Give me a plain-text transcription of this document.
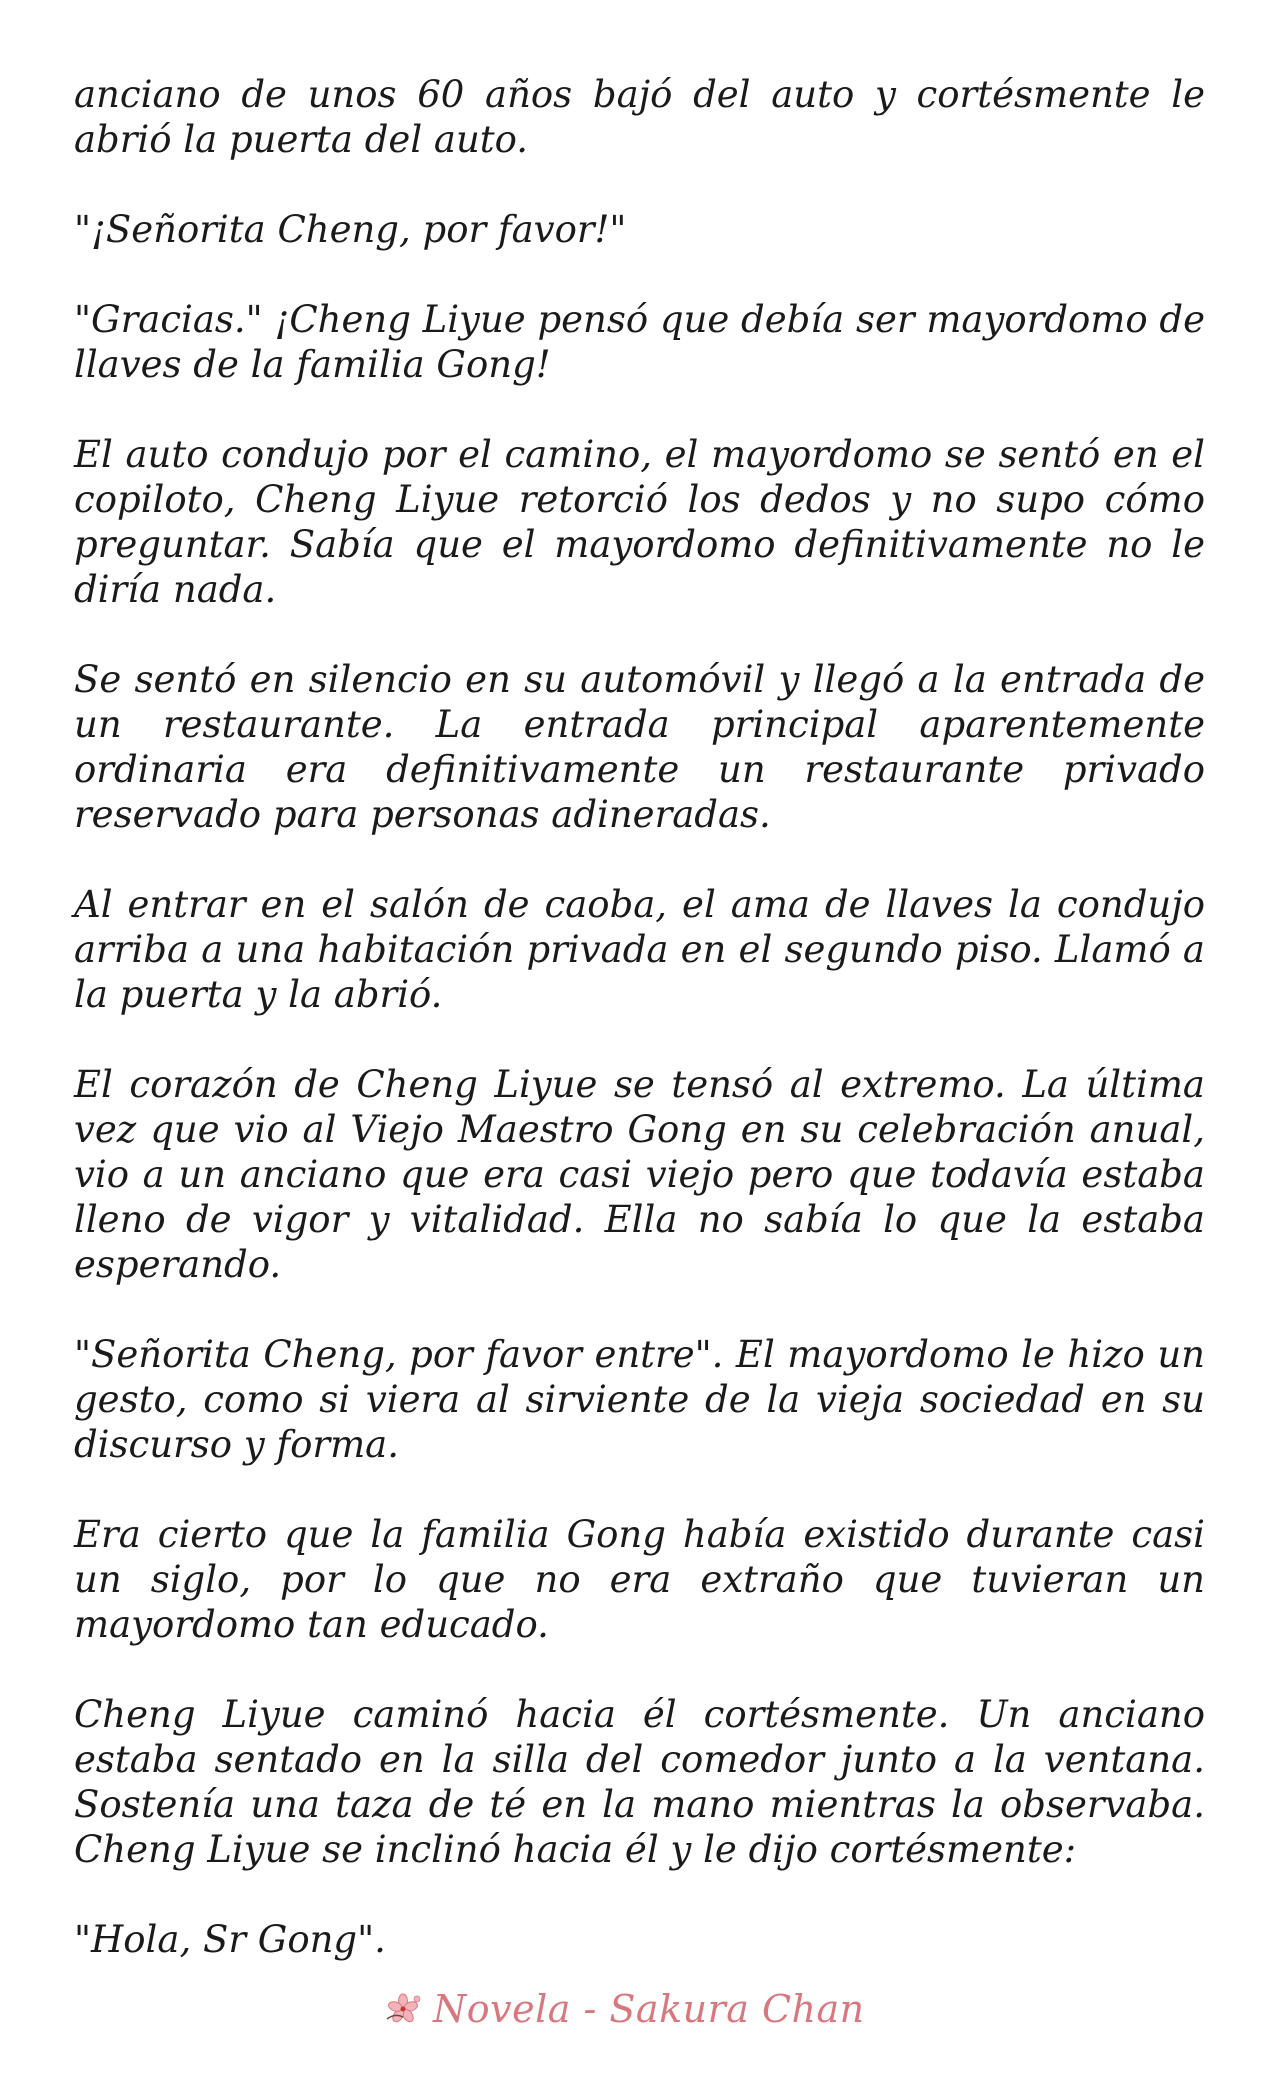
anciano de unos 60 años bajó del auto y cortésmente le abrió la puerta del auto.

"¡Señorita Cheng, por favor!"

"Gracias." ¡Cheng Liyue pensó que debía ser mayordomo de llaves de la familia Gong!

El auto condujo por el camino, el mayordomo se sentó en el copiloto, Cheng Liyue retorció los dedos y no supo cómo preguntar. Sabía que el mayordomo definitivamente no le diría nada.

Se sentó en silencio en su automóvil y llegó a la entrada de un restaurante. La entrada principal aparentemente ordinaria era definitivamente un restaurante privado reservado para personas adineradas.

Al entrar en el salón de caoba, el ama de llaves la condujo arriba a una habitación privada en el segundo piso. Llamó a la puerta y la abrió.

El corazón de Cheng Liyue se tensó al extremo. La última vez que vio al Viejo Maestro Gong en su celebración anual, vio a un anciano que era casi viejo pero que todavía estaba lleno de vigor y vitalidad. Ella no sabía lo que la estaba esperando.

"Señorita Cheng, por favor entre". El mayordomo le hizo un gesto, como si viera al sirviente de la vieja sociedad en su discurso y forma.

Era cierto que la familia Gong había existido durante casi un siglo, por lo que no era extraño que tuvieran un mayordomo tan educado.

Cheng Liyue caminó hacia él cortésmente. Un anciano estaba sentado en la silla del comedor junto a la ventana. Sostenía una taza de té en la mano mientras la observaba. Cheng Liyue se inclinó hacia él y le dijo cortésmente:

"Hola, Sr Gong".

Novela - Sakura Chan
